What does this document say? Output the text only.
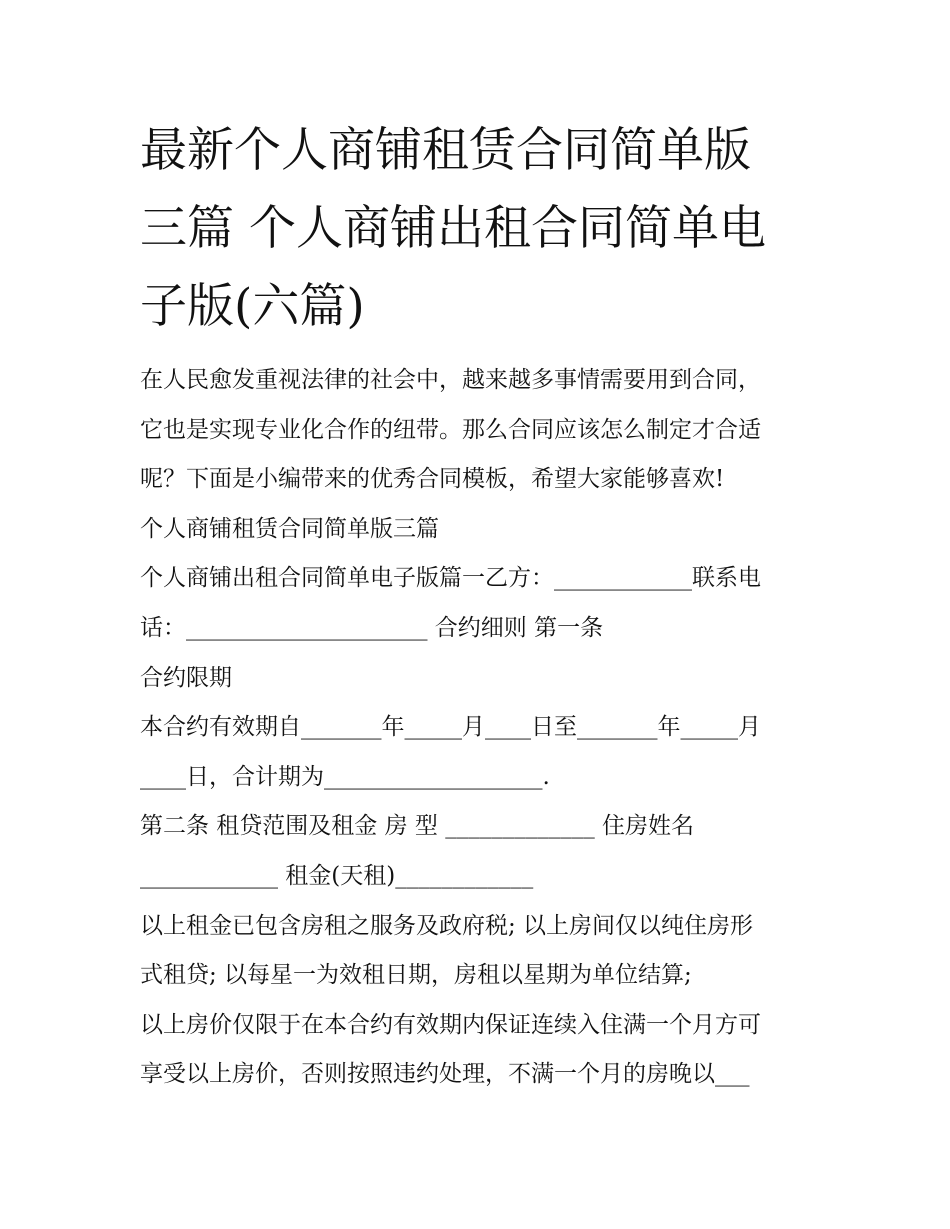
最新个人商铺租赁合同简单版
三篇 个人商铺出租合同简单电
子版(六篇)

在人民愈发重视法律的社会中，越来越多事情需要用到合同，

它也是实现专业化合作的纽带。那么合同应该怎么制定才合适

呢？下面是小编带来的优秀合同模板，希望大家能够喜欢!

个人商铺租赁合同简单版三篇

个人商铺出租合同简单电子版篇一乙方：____________联系电

话：_____________________ 合约细则 第一条

合约限期

本合约有效期自_______年_____月____日至_______年_____月

____日，合计期为___________________.

第二条 租贷范围及租金 房 型 _____________ 住房姓名

____________ 租金(天租)____________

以上租金已包含房租之服务及政府税; 以上房间仅以纯住房形

式租贷; 以每星一为效租日期，房租以星期为单位结算;

以上房价仅限于在本合约有效期内保证连续入住满一个月方可

享受以上房价，否则按照违约处理，不满一个月的房晚以___
